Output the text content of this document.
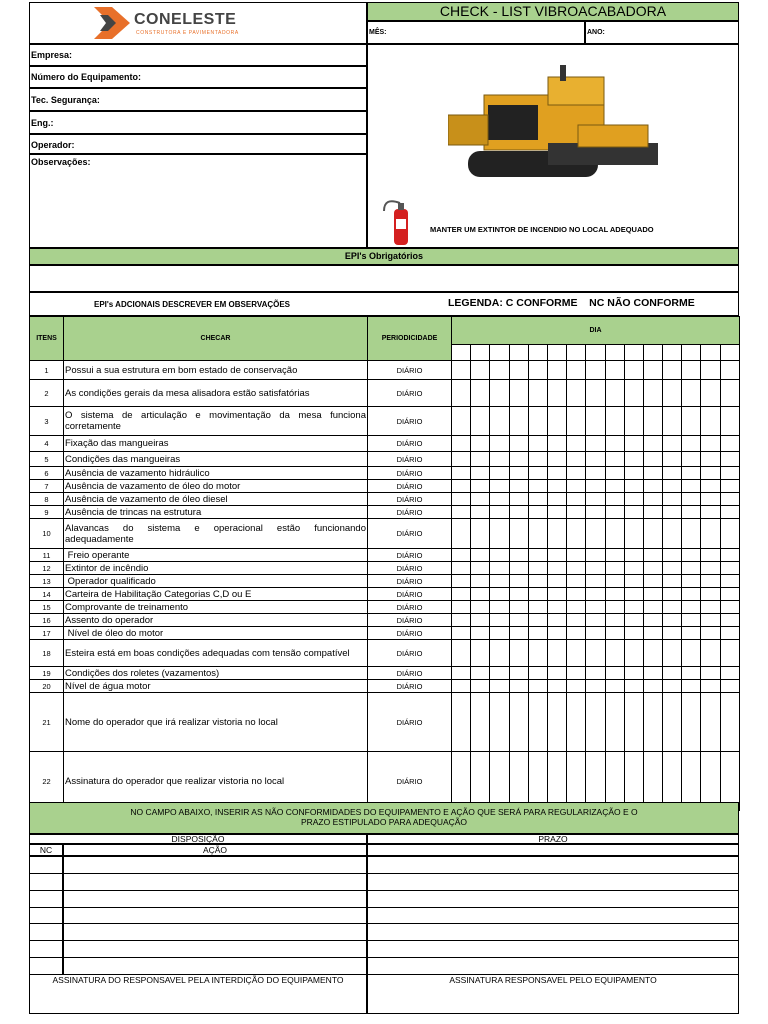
CONELESTE
CONSTRUTORA E PAVIMENTADORA
CHECK - LIST VIBROACABADORA
MÊS:	ANO:
Empresa:
Número do Equipamento:
Tec. Segurança:
Eng.:
Operador:
Observações:
MANTER UM EXTINTOR DE INCENDIO NO LOCAL ADEQUADO
EPI's Obrigatórios
EPI's ADCIONAIS DESCREVER EM OBSERVAÇÕES	LEGENDA: C CONFORME    NC NÃO CONFORME
ITENS	CHECAR	PERIODICIDADE	DIA														

1	Possui a sua estrutura em bom estado de conservação	DIÁRIO															
2	As condições gerais da mesa alisadora estão satisfatórias	DIÁRIO															
3	O sistema de articulação e movimentação da mesa funciona corretamente	DIÁRIO															
4	Fixação das mangueiras	DIÁRIO															
5	Condições das mangueiras	DIÁRIO															
6	Ausência de vazamento hidráulico	DIÁRIO															
7	Ausência de vazamento de óleo do motor	DIÁRIO															
8	Ausência de vazamento de óleo diesel	DIÁRIO															
9	Ausência de trincas na estrutura	DIÁRIO															
10	Alavancas do sistema e operacional estão funcionando adequadamente	DIÁRIO															
11	Freio operante	DIÁRIO															
12	Extintor de incêndio	DIÁRIO															
13	Operador qualificado	DIÁRIO															
14	Carteira de Habilitação Categorias C,D ou E	DIÁRIO															
15	Comprovante de treinamento	DIÁRIO															
16	Assento do operador	DIÁRIO															
17	Nível de óleo do motor	DIÁRIO															
18	Esteira está em boas condições adequadas com tensão compatível	DIÁRIO															
19	Condições dos roletes (vazamentos)	DIÁRIO															
20	Nível de água motor	DIÁRIO															
21	Nome do operador que irá realizar vistoria no local	DIÁRIO															
22	Assinatura do operador que realizar vistoria no local	DIÁRIO															
NO CAMPO ABAIXO, INSERIR AS NÃO CONFORMIDADES DO EQUIPAMENTO E AÇÃO QUE SERÁ PARA REGULARIZAÇÃO E O PRAZO ESTIPULADO PARA ADEQUAÇÃO
DISPOSIÇÃO	PRAZO
NC	AÇÃO
ASSINATURA DO RESPONSAVEL PELA INTERDIÇÃO DO EQUIPAMENTO	ASSINATURA RESPONSAVEL PELO EQUIPAMENTO
